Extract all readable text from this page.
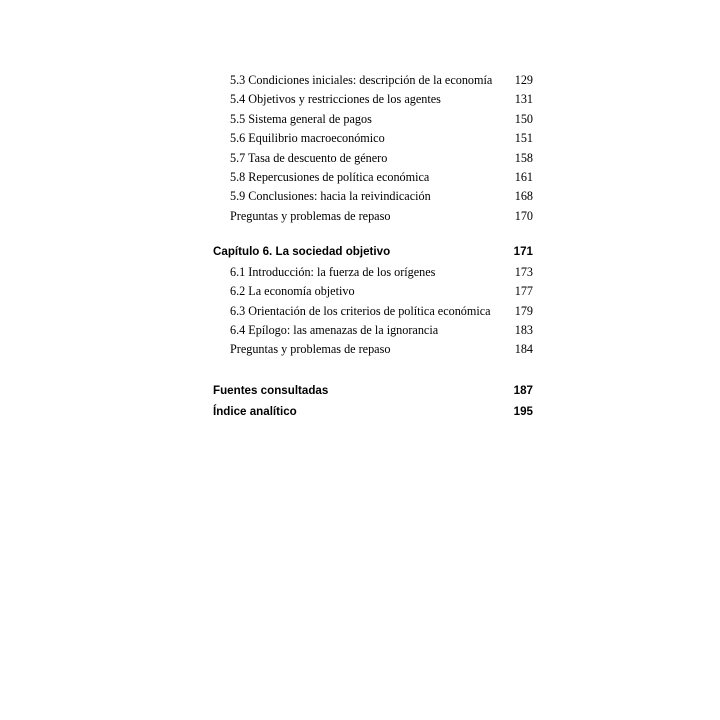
5.3 Condiciones iniciales: descripción de la economía	129
5.4 Objetivos y restricciones de los agentes	131
5.5 Sistema general de pagos	150
5.6 Equilibrio macroeconómico	151
5.7 Tasa de descuento de género	158
5.8 Repercusiones de política económica	161
5.9 Conclusiones: hacia la reivindicación	168
Preguntas y problemas de repaso	170
Capítulo 6. La sociedad objetivo	171
6.1 Introducción: la fuerza de los orígenes	173
6.2 La economía objetivo	177
6.3 Orientación de los criterios de política económica	179
6.4 Epílogo: las amenazas de la ignorancia	183
Preguntas y problemas de repaso	184
Fuentes consultadas	187
Índice analítico	195
